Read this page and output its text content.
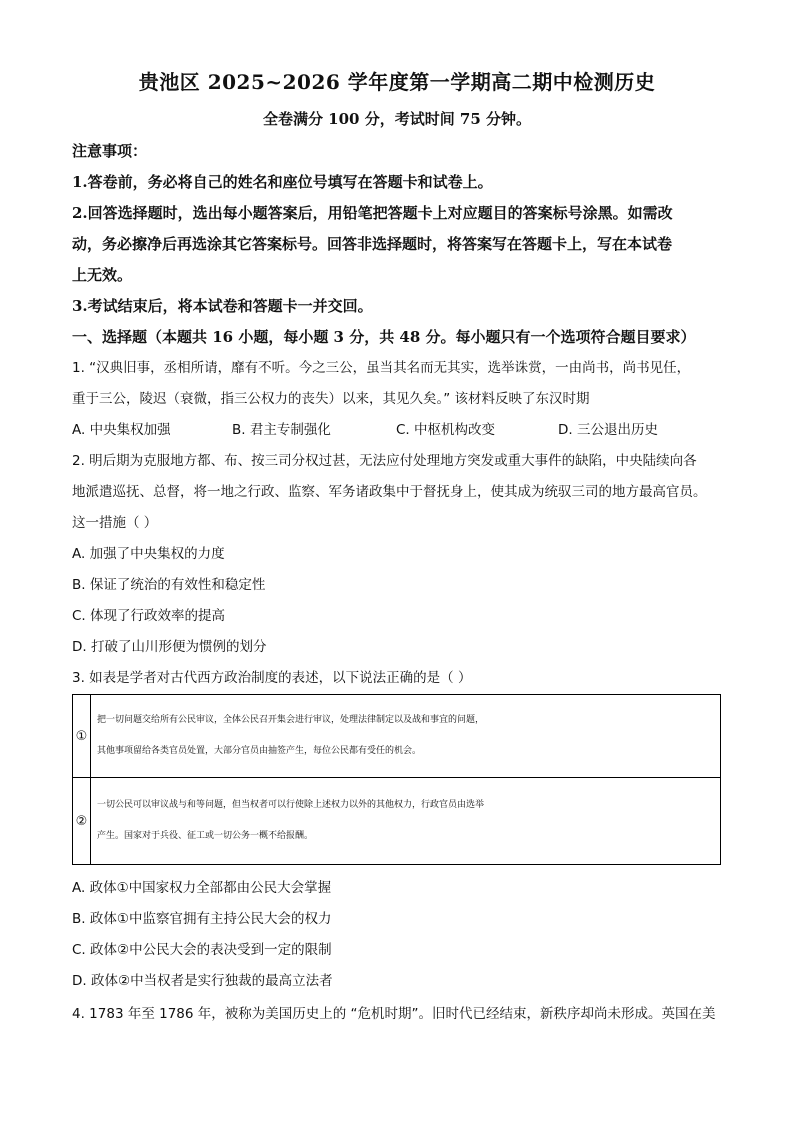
贵池区 2025~2026 学年度第一学期高二期中检测历史
全卷满分 100 分，考试时间 75 分钟。
注意事项：
1.答卷前，务必将自己的姓名和座位号填写在答题卡和试卷上。
2.回答选择题时，选出每小题答案后，用铅笔把答题卡上对应题目的答案标号涂黑。如需改
动，务必擦净后再选涂其它答案标号。回答非选择题时，将答案写在答题卡上，写在本试卷
上无效。
3.考试结束后，将本试卷和答题卡一并交回。
一、选择题（本题共 16 小题，每小题 3 分，共 48 分。每小题只有一个选项符合题目要求）
1. “汉典旧事，丞相所请，靡有不听。今之三公，虽当其名而无其实，选举诛赏，一由尚书，尚书见任，
重于三公，陵迟（衰微，指三公权力的丧失）以来，其见久矣。” 该材料反映了东汉时期
A. 中央集权加强	B. 君主专制强化	C. 中枢机构改变	D. 三公退出历史
2. 明后期为克服地方都、布、按三司分权过甚，无法应付处理地方突发或重大事件的缺陷，中央陆续向各
地派遣巡抚、总督，将一地之行政、监察、军务诸政集中于督抚身上，使其成为统驭三司的地方最高官员。
这一措施（ ）
A. 加强了中央集权的力度
B. 保证了统治的有效性和稳定性
C. 体现了行政效率的提高
D. 打破了山川形便为惯例的划分
3. 如表是学者对古代西方政治制度的表述，以下说法正确的是（ ）
①	把一切问题交给所有公民审议，全体公民召开集会进行审议，处理法律制定以及战和事宜的问题，
其他事项留给各类官员处置，大部分官员由抽签产生，每位公民都有受任的机会。

②	一切公民可以审议战与和等问题，但当权者可以行使除上述权力以外的其他权力，行政官员由选举
产生。国家对于兵役、征工或一切公务一概不给报酬。
A. 政体①中国家权力全部都由公民大会掌握
B. 政体①中监察官拥有主持公民大会的权力
C. 政体②中公民大会的表决受到一定的限制
D. 政体②中当权者是实行独裁的最高立法者
4. 1783 年至 1786 年，被称为美国历史上的 “危机时期”。旧时代已经结束，新秩序却尚未形成。英国在美
